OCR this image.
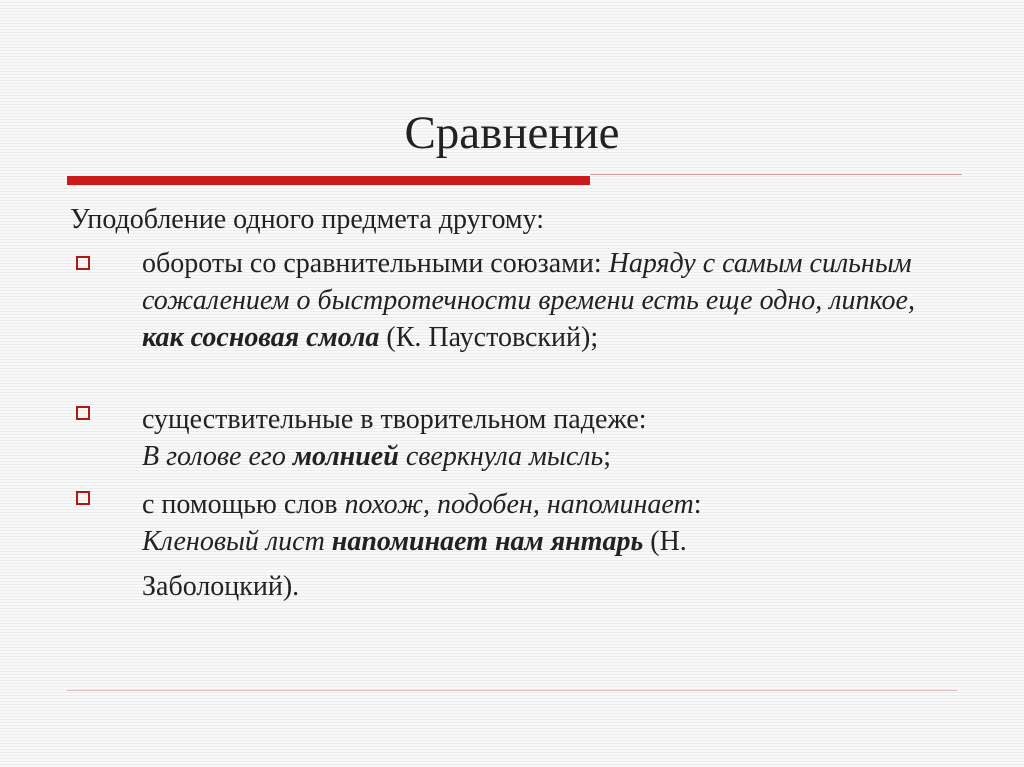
Сравнение
Уподобление одного предмета другому:
обороты со сравнительными союзами: Наряду с самым сильным сожалением о быстротечности времени есть еще одно, липкое, как сосновая смола (К. Паустовский);
существительные в творительном падеже:
В голове его молнией сверкнула мысль;
с помощью слов похож, подобен, напоминает:
Кленовый лист напоминает нам янтарь (Н.
Заболоцкий).
